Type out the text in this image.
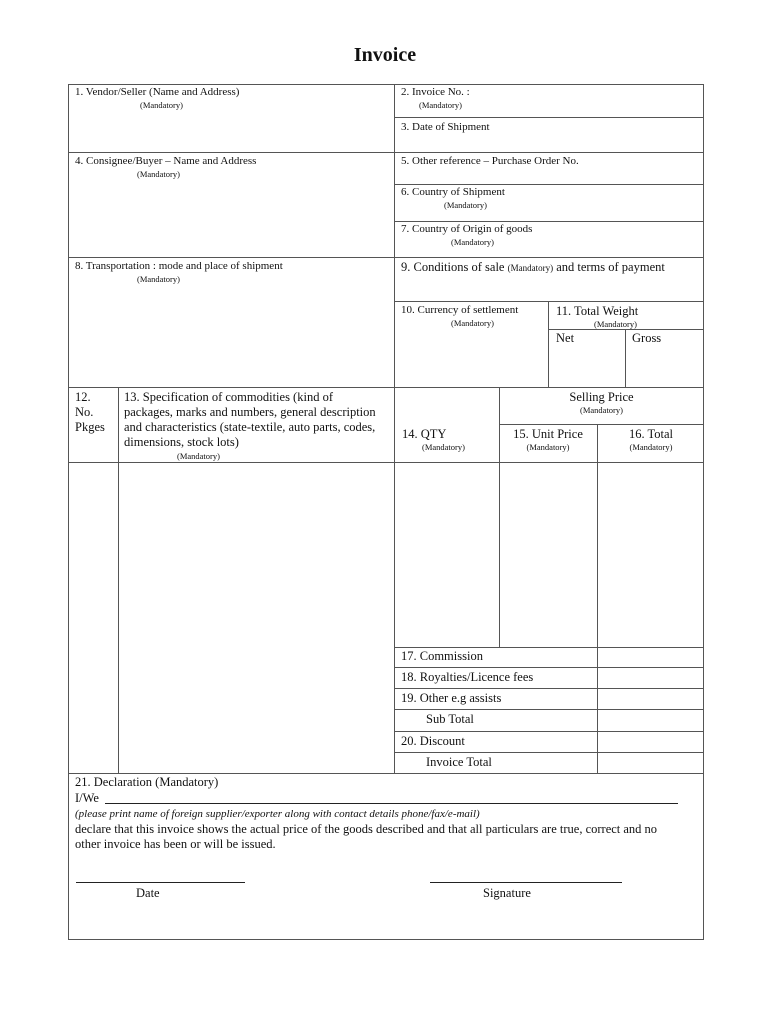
Invoice
1. Vendor/Seller (Name and Address)
(Mandatory)
2. Invoice No. :
(Mandatory)
3. Date of Shipment
4. Consignee/Buyer – Name and Address
(Mandatory)
5. Other reference – Purchase Order No.
6. Country of Shipment
(Mandatory)
7. Country of Origin of goods
(Mandatory)
8. Transportation : mode and place of shipment
(Mandatory)
9. Conditions of sale (Mandatory) and terms of payment
10. Currency of settlement
(Mandatory)
11. Total Weight
(Mandatory)
Net	Gross
12.
No.
Pkges
13. Specification of commodities (kind of
packages, marks and numbers, general description
and characteristics (state-textile, auto parts, codes,
dimensions, stock lots)
(Mandatory)
Selling Price
(Mandatory)
14. QTY
(Mandatory)
15. Unit Price
(Mandatory)
16. Total
(Mandatory)
17. Commission
18. Royalties/Licence fees
19. Other e.g assists
Sub Total
20. Discount
Invoice Total
21. Declaration (Mandatory)
I/We
(please print name of foreign supplier/exporter along with contact details phone/fax/e-mail)
declare that this invoice shows the actual price of the goods described and that all particulars are true, correct and no
other invoice has been or will be issued.
Date	Signature
